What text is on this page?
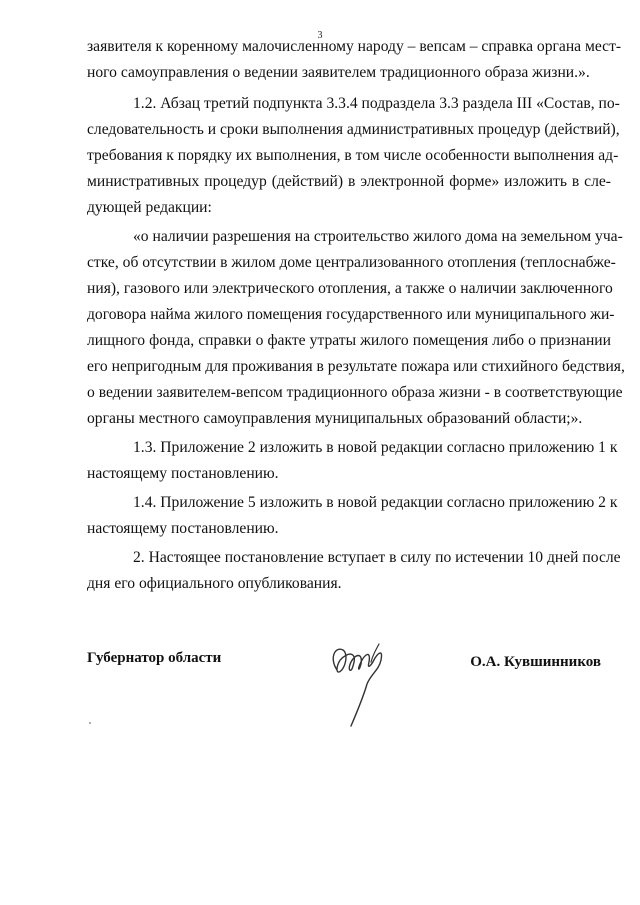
3
заявителя к коренному малочисленному народу – вепсам – справка органа мест-
ного самоуправления о ведении заявителем традиционного образа жизни.».
1.2. Абзац третий подпункта 3.3.4 подраздела 3.3 раздела III «Состав, по-
следовательность и сроки выполнения административных процедур (действий),
требования к порядку их выполнения, в том числе особенности выполнения ад-
министративных процедур (действий) в электронной форме» изложить в сле-
дующей редакции:
«о наличии разрешения на строительство жилого дома на земельном уча-
стке, об отсутствии в жилом доме централизованного отопления (теплоснабже-
ния), газового или электрического отопления, а также о наличии заключенного
договора найма жилого помещения государственного или муниципального жи-
лищного фонда, справки о факте утраты жилого помещения либо о признании
его непригодным для проживания в результате пожара или стихийного бедствия,
о ведении заявителем-вепсом традиционного образа жизни - в соответствующие
органы местного самоуправления муниципальных образований области;».
1.3. Приложение 2 изложить в новой редакции согласно приложению 1 к
настоящему постановлению.
1.4. Приложение 5 изложить в новой редакции согласно приложению 2 к
настоящему постановлению.
2. Настоящее постановление вступает в силу по истечении 10 дней после
дня его официального опубликования.
Губернатор области	О.А. Кувшинников
